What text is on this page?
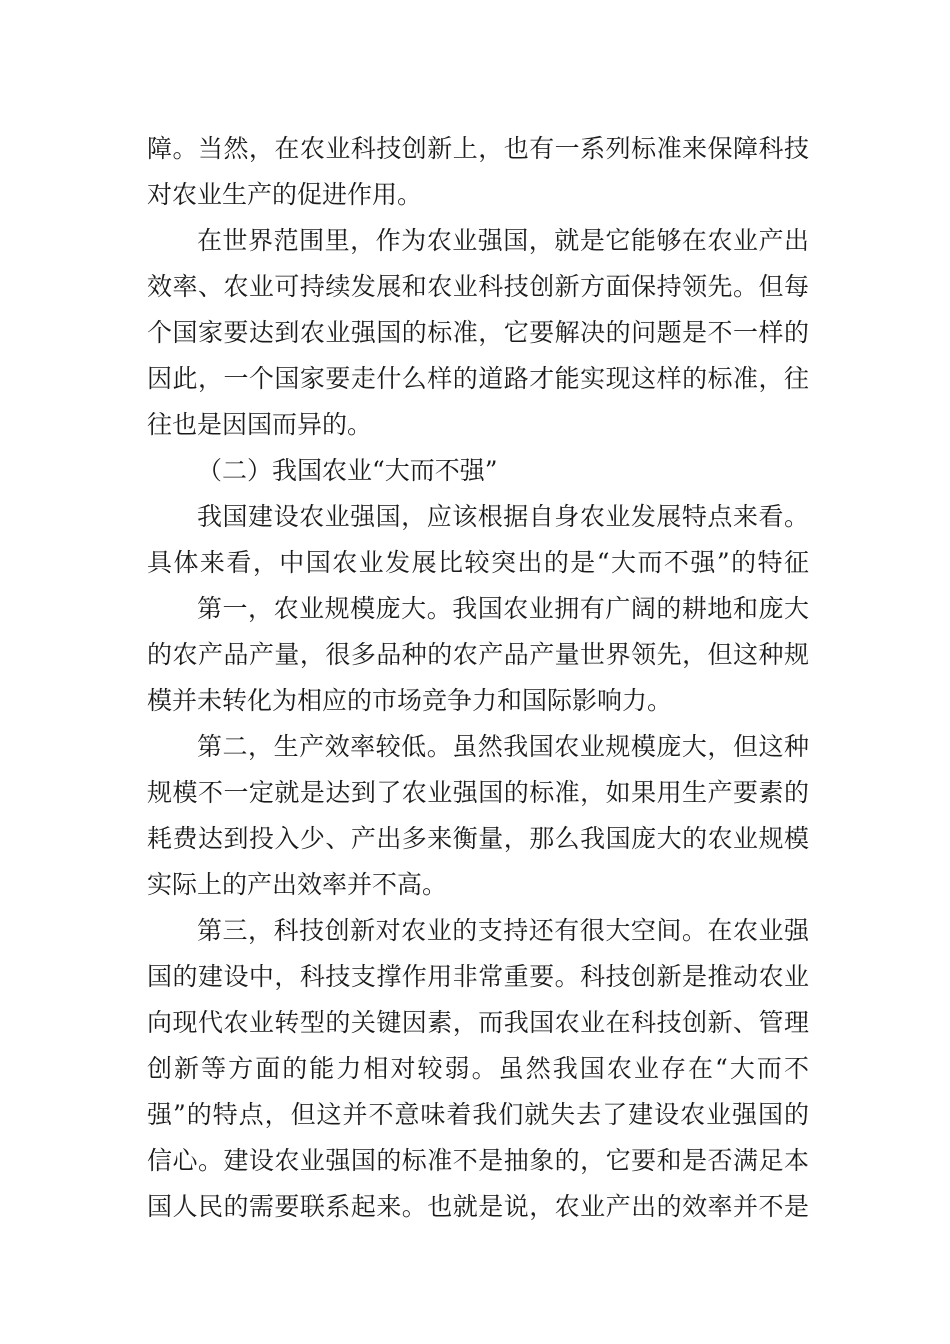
障。当然，在农业科技创新上，也有一系列标准来保障科技
对农业生产的促进作用。
在世界范围里，作为农业强国，就是它能够在农业产出
效率、农业可持续发展和农业科技创新方面保持领先。但每
个国家要达到农业强国的标准，它要解决的问题是不一样的
因此，一个国家要走什么样的道路才能实现这样的标准，往
往也是因国而异的。
（二）我国农业“大而不强”
我国建设农业强国，应该根据自身农业发展特点来看。
具体来看，中国农业发展比较突出的是“大而不强”的特征
第一，农业规模庞大。我国农业拥有广阔的耕地和庞大
的农产品产量，很多品种的农产品产量世界领先，但这种规
模并未转化为相应的市场竞争力和国际影响力。
第二，生产效率较低。虽然我国农业规模庞大，但这种
规模不一定就是达到了农业强国的标准，如果用生产要素的
耗费达到投入少、产出多来衡量，那么我国庞大的农业规模
实际上的产出效率并不高。
第三，科技创新对农业的支持还有很大空间。在农业强
国的建设中，科技支撑作用非常重要。科技创新是推动农业
向现代农业转型的关键因素，而我国农业在科技创新、管理
创新等方面的能力相对较弱。虽然我国农业存在“大而不
强”的特点，但这并不意味着我们就失去了建设农业强国的
信心。建设农业强国的标准不是抽象的，它要和是否满足本
国人民的需要联系起来。也就是说，农业产出的效率并不是
